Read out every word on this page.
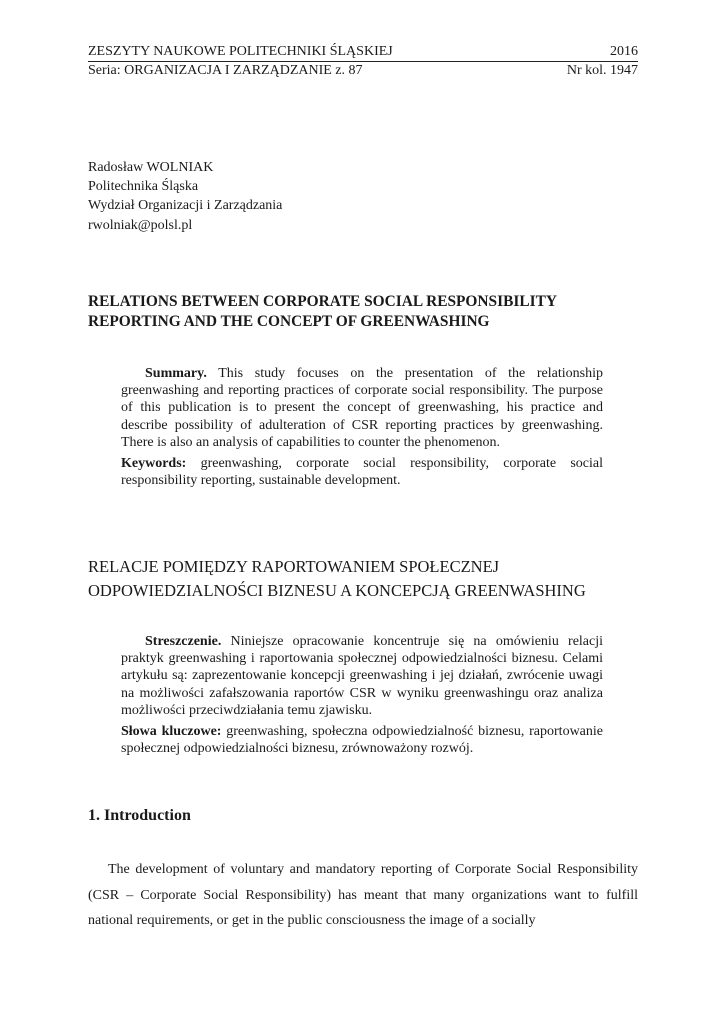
ZESZYTY NAUKOWE POLITECHNIKI ŚLĄSKIEJ	2016
Seria: ORGANIZACJA I ZARZĄDZANIE z. 87	Nr kol. 1947
Radosław WOLNIAK
Politechnika Śląska
Wydział Organizacji i Zarządzania
rwolniak@polsl.pl
RELATIONS BETWEEN CORPORATE SOCIAL RESPONSIBILITY
REPORTING AND THE CONCEPT OF GREENWASHING

Summary. This study focuses on the presentation of the relationship greenwashing and reporting practices of corporate social responsibility. The purpose of this publication is to present the concept of greenwashing, his practice and describe possibility of adulteration of CSR reporting practices by greenwashing. There is also an analysis of capabilities to counter the phenomenon.

Keywords: greenwashing, corporate social responsibility, corporate social responsibility reporting, sustainable development.

RELACJE POMIĘDZY RAPORTOWANIEM SPOŁECZNEJ
ODPOWIEDZIALNOŚCI BIZNESU A KONCEPCJĄ GREENWASHING

Streszczenie. Niniejsze opracowanie koncentruje się na omówieniu relacji praktyk greenwashing i raportowania społecznej odpowiedzialności biznesu. Celami artykułu są: zaprezentowanie koncepcji greenwashing i jej działań, zwrócenie uwagi na możliwości zafałszowania raportów CSR w wyniku greenwashingu oraz analiza możliwości przeciwdziałania temu zjawisku.

Słowa kluczowe: greenwashing, społeczna odpowiedzialność biznesu, raportowanie społecznej odpowiedzialności biznesu, zrównoważony rozwój.

1. Introduction

The development of voluntary and mandatory reporting of Corporate Social Responsibility (CSR – Corporate Social Responsibility) has meant that many organizations want to fulfill national requirements, or get in the public consciousness the image of a socially
